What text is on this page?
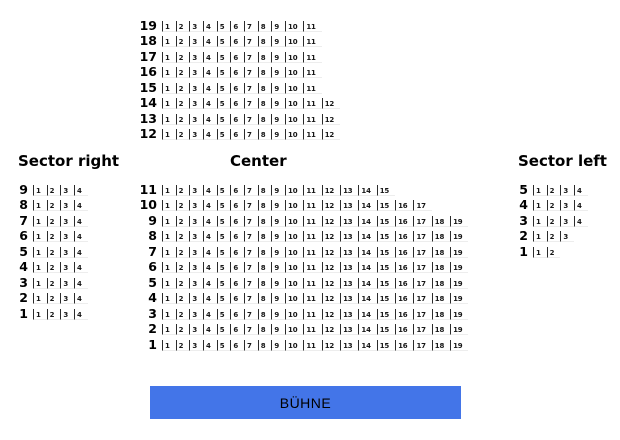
19	1	2	3	4	5	6	7	8	9	10	11
18	1	2	3	4	5	6	7	8	9	10	11
17	1	2	3	4	5	6	7	8	9	10	11
16	1	2	3	4	5	6	7	8	9	10	11
15	1	2	3	4	5	6	7	8	9	10	11
14	1	2	3	4	5	6	7	8	9	10	11	12
13	1	2	3	4	5	6	7	8	9	10	11	12
12	1	2	3	4	5	6	7	8	9	10	11	12
Sector right	Center	Sector left
9	1	2	3	4
8	1	2	3	4
7	1	2	3	4
6	1	2	3	4
5	1	2	3	4
4	1	2	3	4
3	1	2	3	4
2	1	2	3	4
1	1	2	3	4
11	1	2	3	4	5	6	7	8	9	10	11	12	13	14	15
10	1	2	3	4	5	6	7	8	9	10	11	12	13	14	15	16	17
9	1	2	3	4	5	6	7	8	9	10	11	12	13	14	15	16	17	18	19
8	1	2	3	4	5	6	7	8	9	10	11	12	13	14	15	16	17	18	19
7	1	2	3	4	5	6	7	8	9	10	11	12	13	14	15	16	17	18	19
6	1	2	3	4	5	6	7	8	9	10	11	12	13	14	15	16	17	18	19
5	1	2	3	4	5	6	7	8	9	10	11	12	13	14	15	16	17	18	19
4	1	2	3	4	5	6	7	8	9	10	11	12	13	14	15	16	17	18	19
3	1	2	3	4	5	6	7	8	9	10	11	12	13	14	15	16	17	18	19
2	1	2	3	4	5	6	7	8	9	10	11	12	13	14	15	16	17	18	19
1	1	2	3	4	5	6	7	8	9	10	11	12	13	14	15	16	17	18	19
5	1	2	3	4
4	1	2	3	4
3	1	2	3	4
2	1	2	3
1	1	2
BÜHNE
